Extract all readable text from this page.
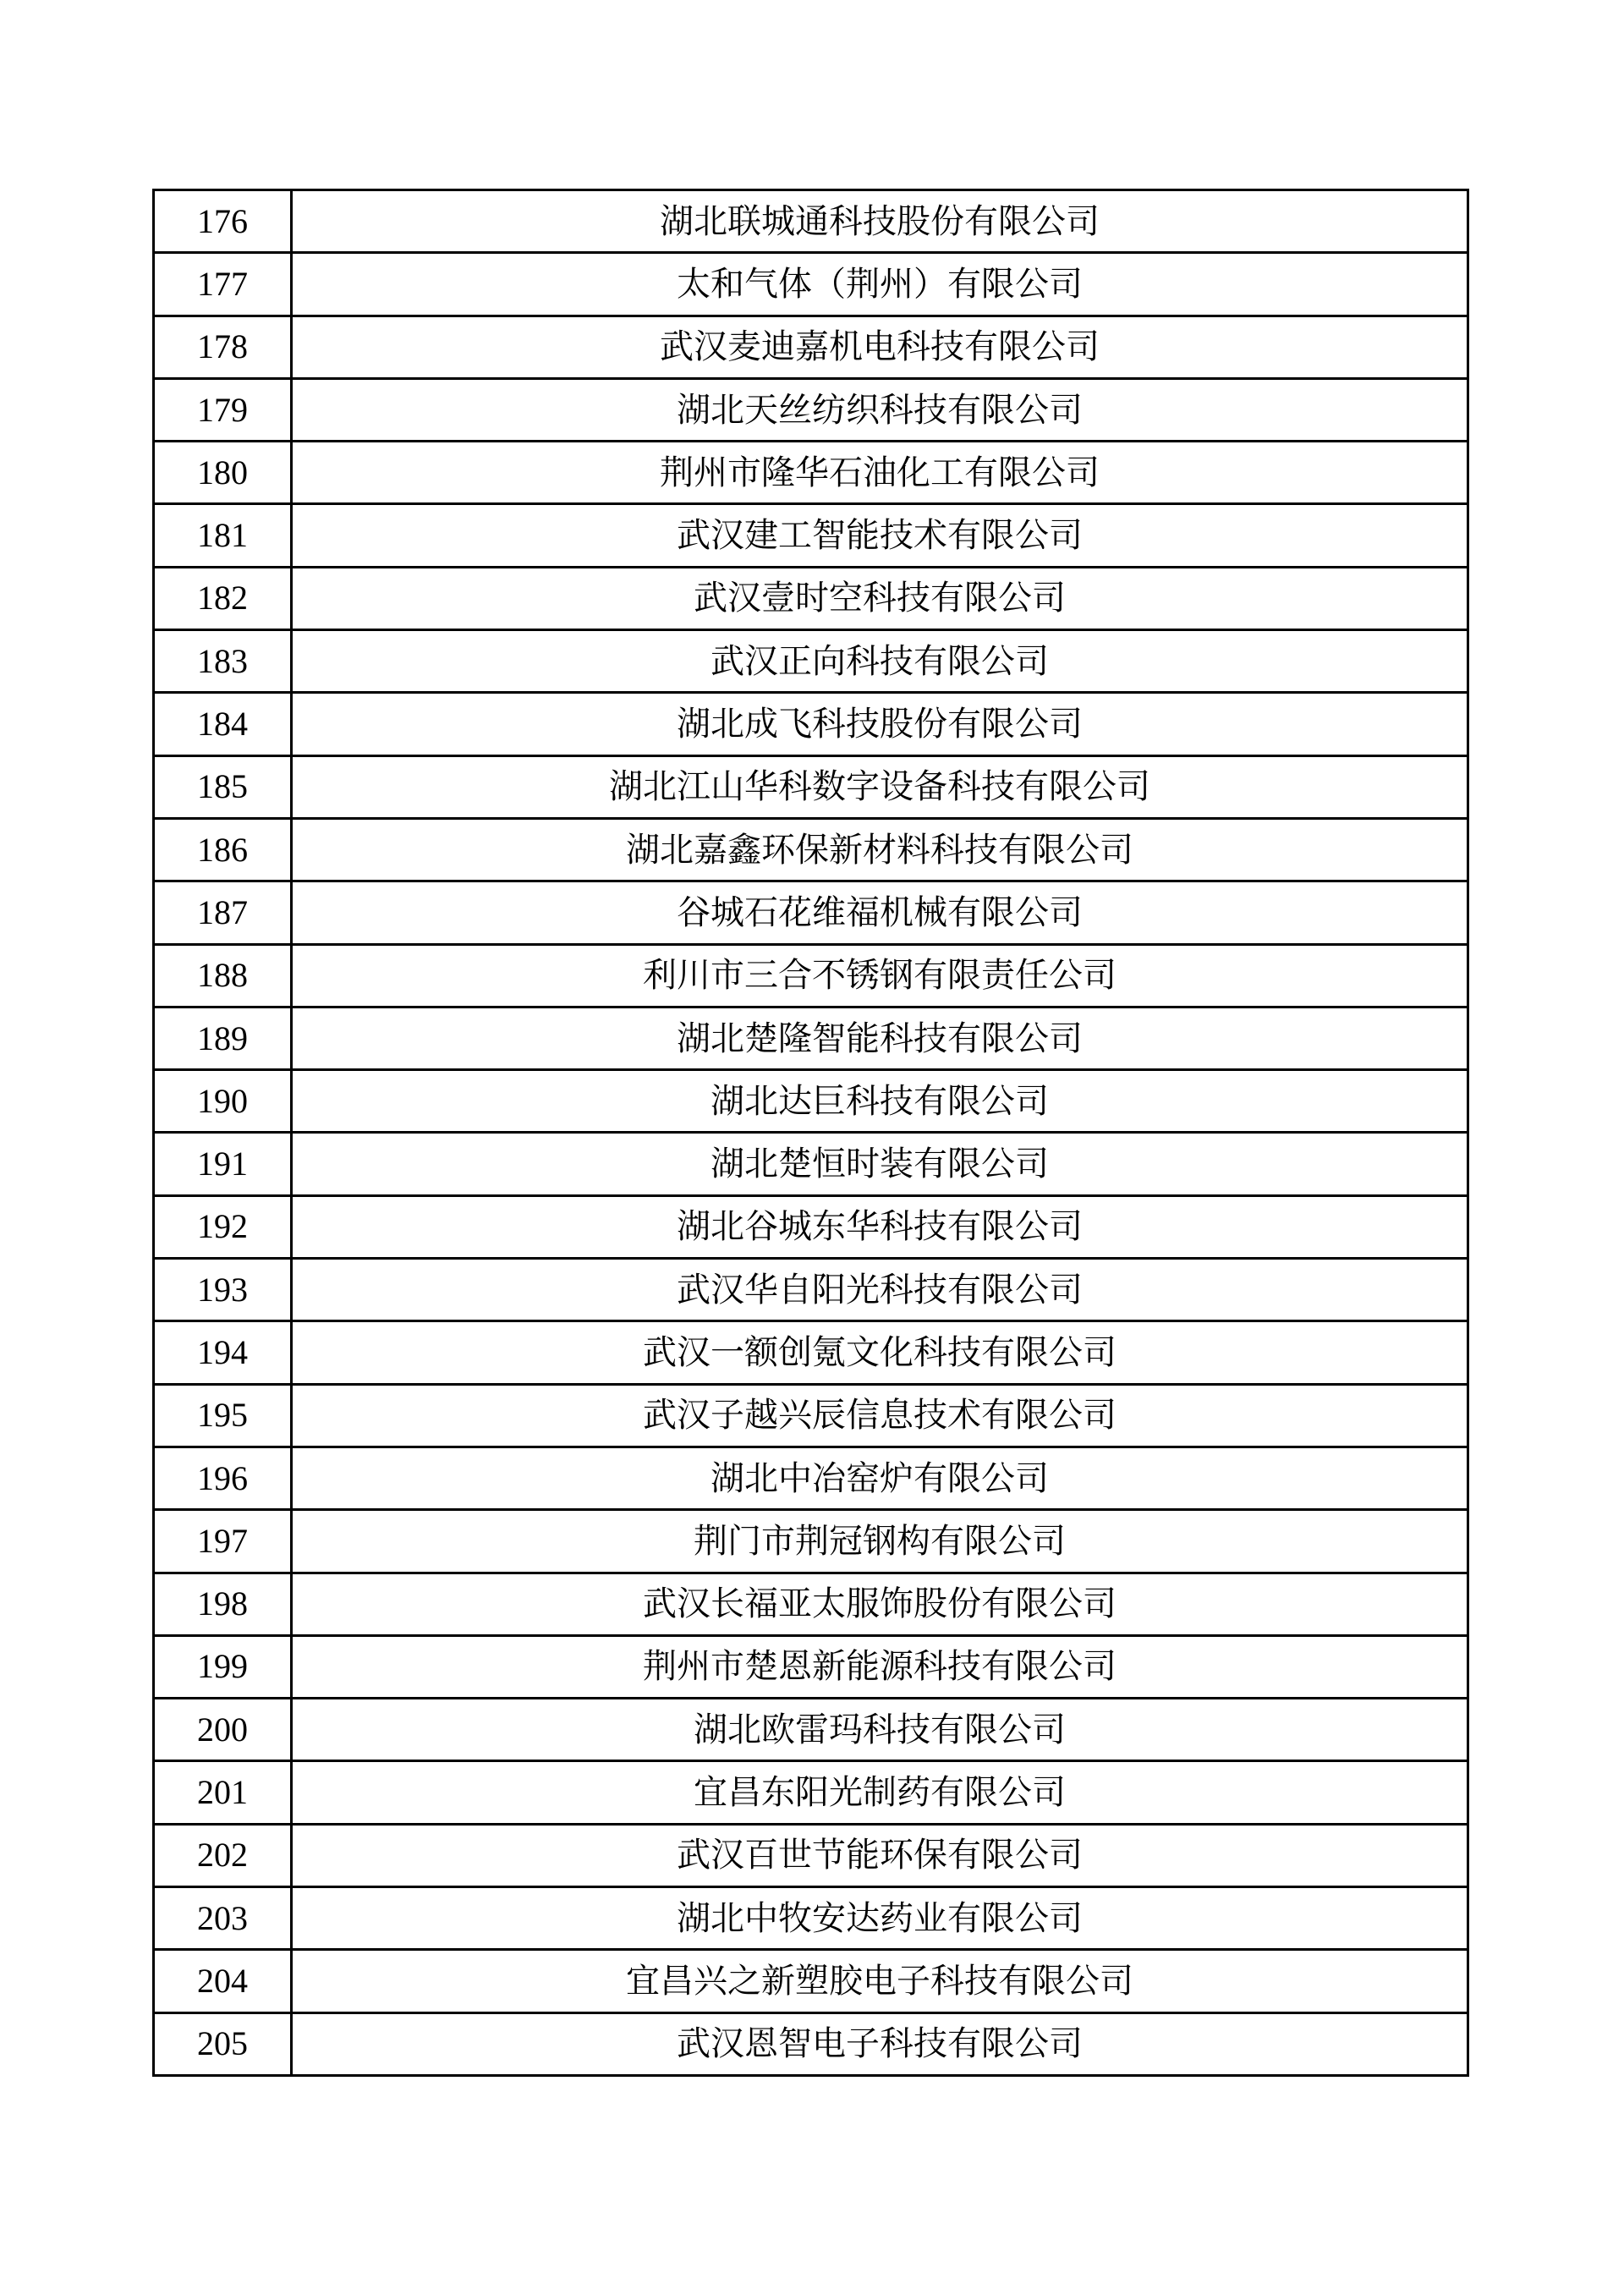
176	湖北联城通科技股份有限公司
177	太和气体（荆州）有限公司
178	武汉麦迪嘉机电科技有限公司
179	湖北天丝纺织科技有限公司
180	荆州市隆华石油化工有限公司
181	武汉建工智能技术有限公司
182	武汉壹时空科技有限公司
183	武汉正向科技有限公司
184	湖北成飞科技股份有限公司
185	湖北江山华科数字设备科技有限公司
186	湖北嘉鑫环保新材料科技有限公司
187	谷城石花维福机械有限公司
188	利川市三合不锈钢有限责任公司
189	湖北楚隆智能科技有限公司
190	湖北达巨科技有限公司
191	湖北楚恒时装有限公司
192	湖北谷城东华科技有限公司
193	武汉华自阳光科技有限公司
194	武汉一额创氪文化科技有限公司
195	武汉子越兴辰信息技术有限公司
196	湖北中冶窑炉有限公司
197	荆门市荆冠钢构有限公司
198	武汉长福亚太服饰股份有限公司
199	荆州市楚恩新能源科技有限公司
200	湖北欧雷玛科技有限公司
201	宜昌东阳光制药有限公司
202	武汉百世节能环保有限公司
203	湖北中牧安达药业有限公司
204	宜昌兴之新塑胶电子科技有限公司
205	武汉恩智电子科技有限公司
